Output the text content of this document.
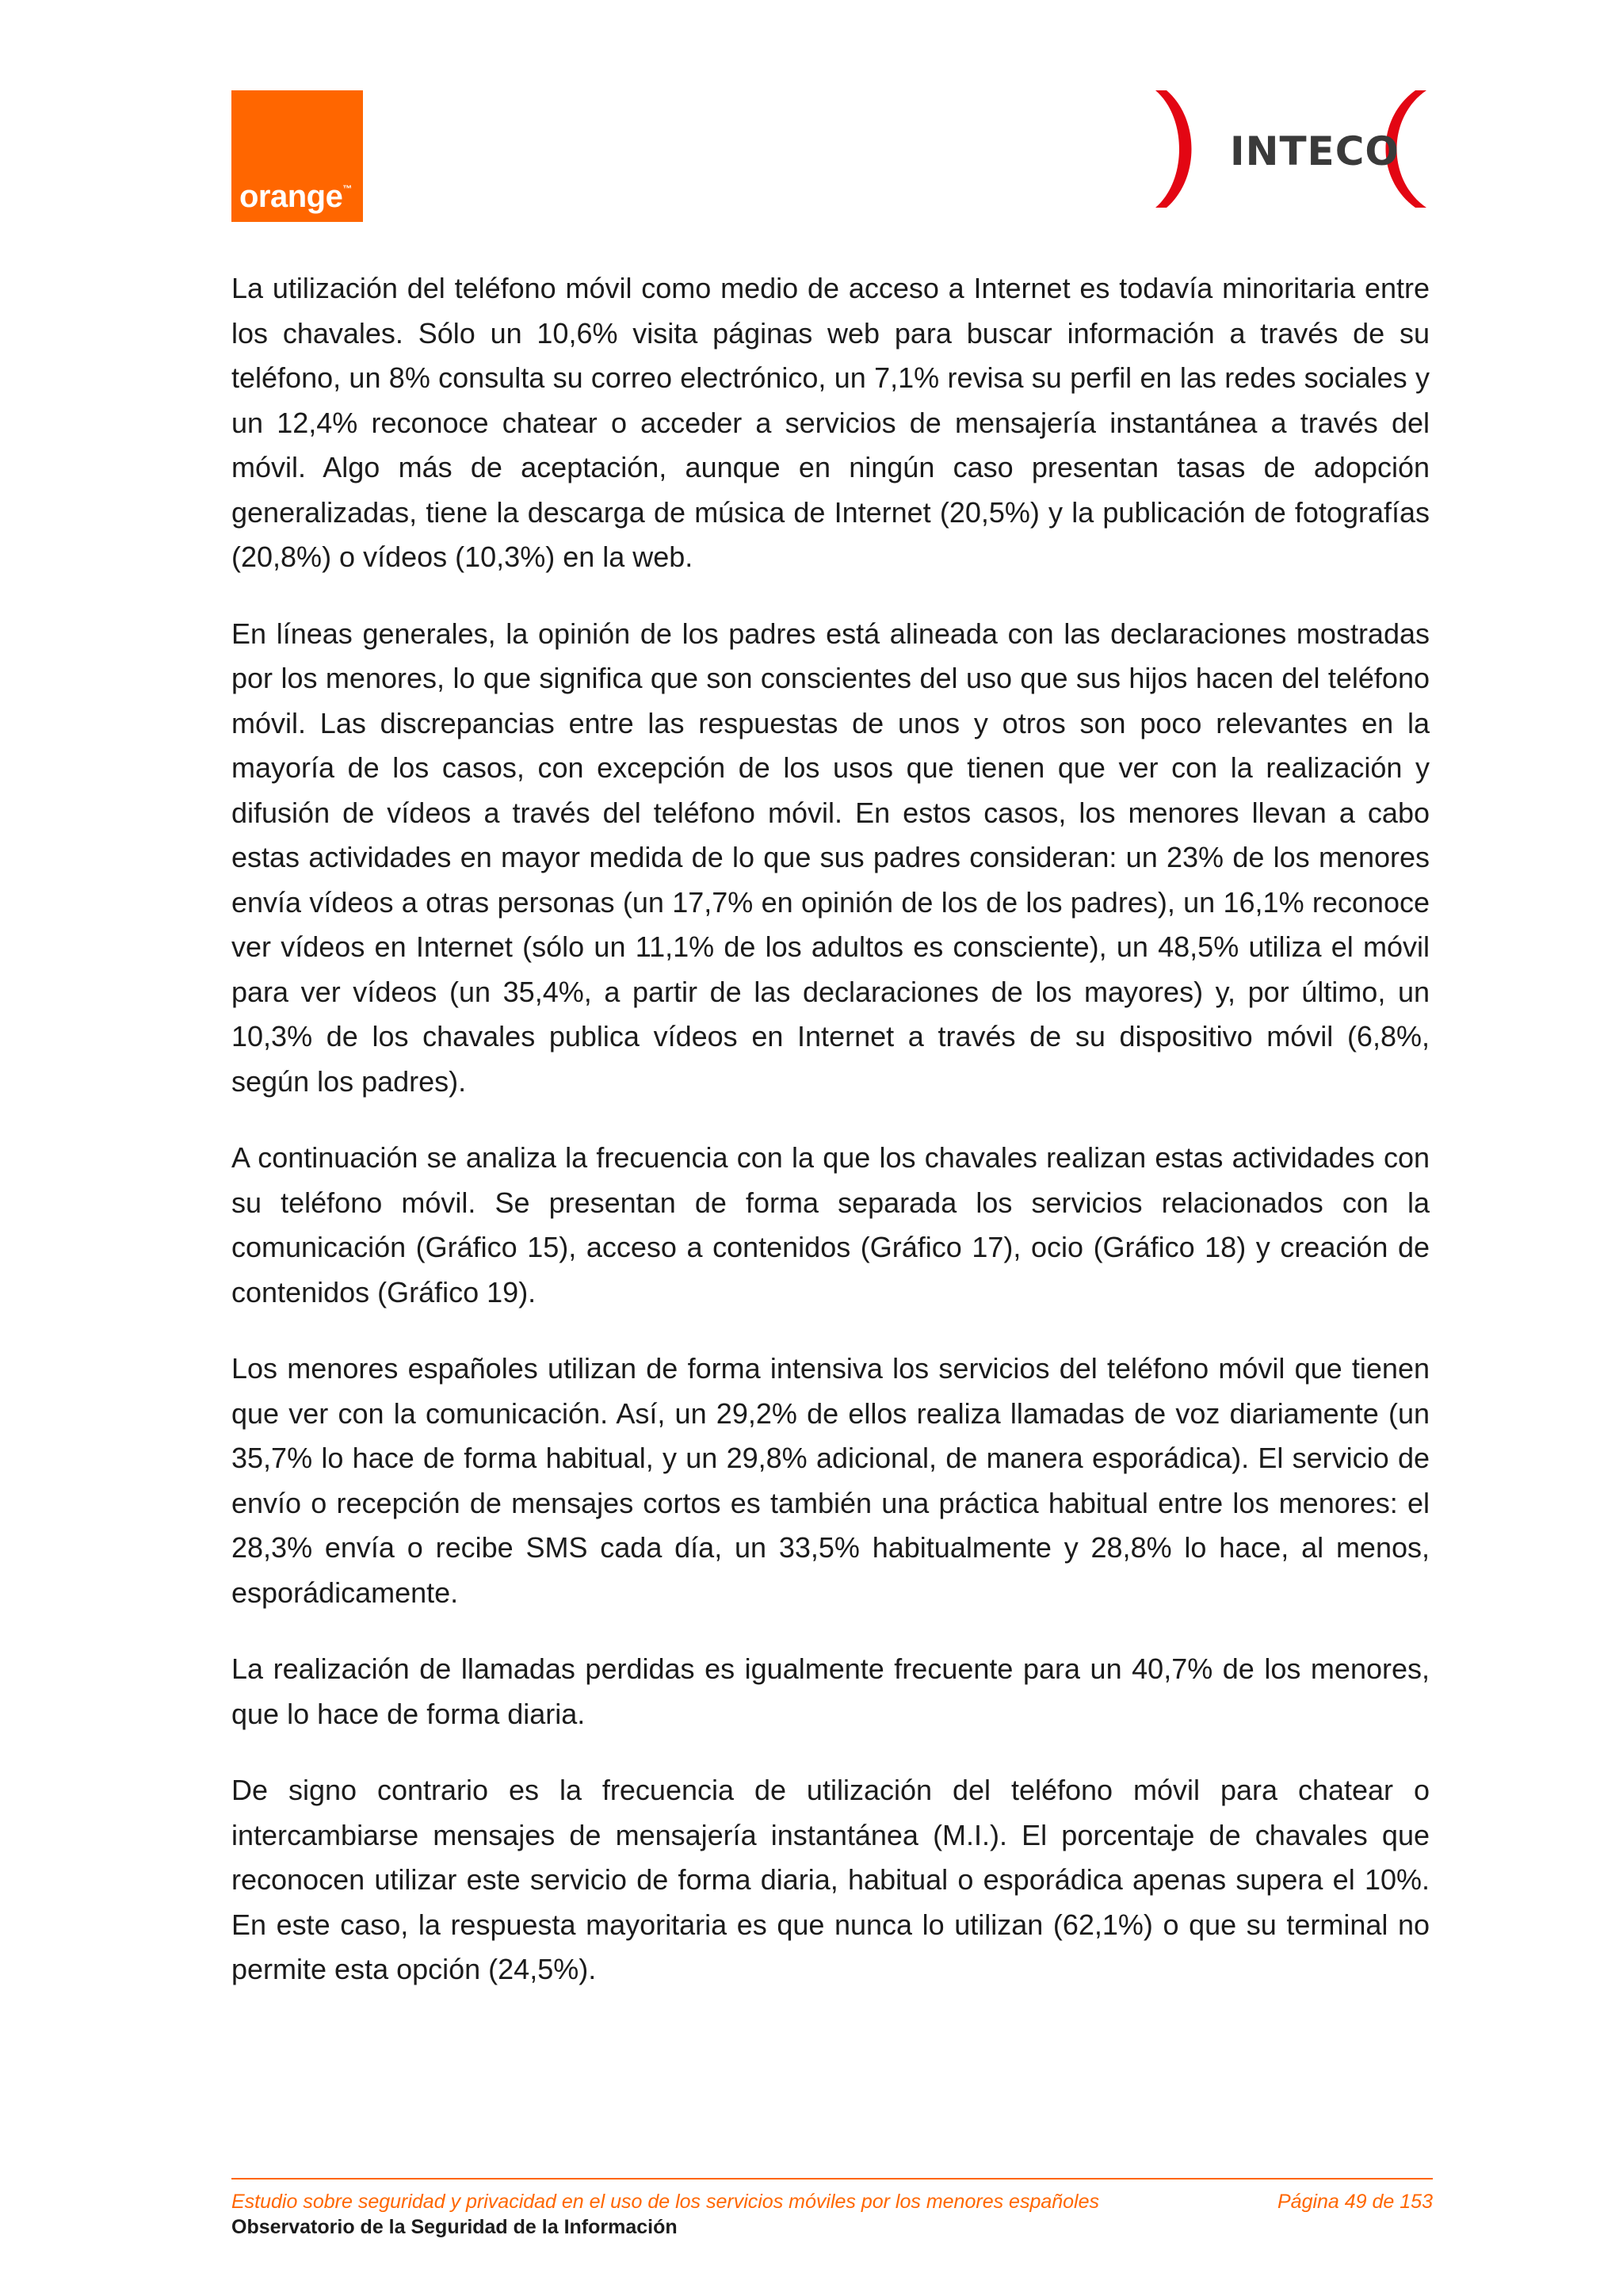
orange™
INTECO

La utilización del teléfono móvil como medio de acceso a Internet es todavía minoritaria entre los chavales. Sólo un 10,6% visita páginas web para buscar información a través de su teléfono, un 8% consulta su correo electrónico, un 7,1% revisa su perfil en las redes sociales y un 12,4% reconoce chatear o acceder a servicios de mensajería instantánea a través del móvil. Algo más de aceptación, aunque en ningún caso presentan tasas de adopción generalizadas, tiene la descarga de música de Internet (20,5%) y la publicación de fotografías (20,8%) o vídeos (10,3%) en la web.

En líneas generales, la opinión de los padres está alineada con las declaraciones mostradas por los menores, lo que significa que son conscientes del uso que sus hijos hacen del teléfono móvil. Las discrepancias entre las respuestas de unos y otros son poco relevantes en la mayoría de los casos, con excepción de los usos que tienen que ver con la realización y difusión de vídeos a través del teléfono móvil. En estos casos, los menores llevan a cabo estas actividades en mayor medida de lo que sus padres consideran: un 23% de los menores envía vídeos a otras personas (un 17,7% en opinión de los de los padres), un 16,1% reconoce ver vídeos en Internet (sólo un 11,1% de los adultos es consciente), un 48,5% utiliza el móvil para ver vídeos (un 35,4%, a partir de las declaraciones de los mayores) y, por último, un 10,3% de los chavales publica vídeos en Internet a través de su dispositivo móvil (6,8%, según los padres).

A continuación se analiza la frecuencia con la que los chavales realizan estas actividades con su teléfono móvil. Se presentan de forma separada los servicios relacionados con la comunicación (Gráfico 15), acceso a contenidos (Gráfico 17), ocio (Gráfico 18) y creación de contenidos (Gráfico 19).

Los menores españoles utilizan de forma intensiva los servicios del teléfono móvil que tienen que ver con la comunicación. Así, un 29,2% de ellos realiza llamadas de voz diariamente (un 35,7% lo hace de forma habitual, y un 29,8% adicional, de manera esporádica). El servicio de envío o recepción de mensajes cortos es también una práctica habitual entre los menores: el 28,3% envía o recibe SMS cada día, un 33,5% habitualmente y 28,8% lo hace, al menos, esporádicamente.

La realización de llamadas perdidas es igualmente frecuente para un 40,7% de los menores, que lo hace de forma diaria.

De signo contrario es la frecuencia de utilización del teléfono móvil para chatear o intercambiarse mensajes de mensajería instantánea (M.I.). El porcentaje de chavales que reconocen utilizar este servicio de forma diaria, habitual o esporádica apenas supera el 10%. En este caso, la respuesta mayoritaria es que nunca lo utilizan (62,1%) o que su terminal no permite esta opción (24,5%).

Estudio sobre seguridad y privacidad en el uso de los servicios móviles por los menores españoles	Página 49 de 153
Observatorio de la Seguridad de la Información
